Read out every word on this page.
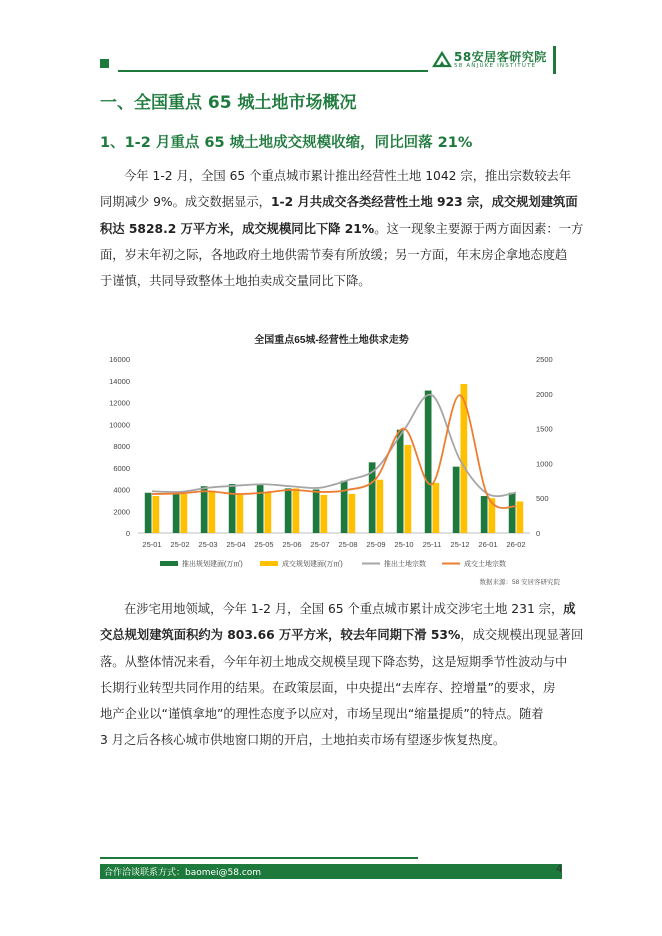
58安居客研究院
58 ANJUKE INSTITUTE
一、全国重点 65 城土地市场概况
1、1-2 月重点 65 城土地成交规模收缩，同比回落 21%
今年 1-2 月，全国 65 个重点城市累计推出经营性土地 1042 宗，推出宗数较去年
同期减少 9%。成交数据显示，1-2 月共成交各类经营性土地 923 宗，成交规划建筑面
积达 5828.2 万平方米，成交规模同比下降 21%。这一现象主要源于两方面因素：一方
面，岁末年初之际，各地政府土地供需节奏有所放缓；另一方面，年末房企拿地态度趋
于谨慎，共同导致整体土地拍卖成交量同比下降。
全国重点65城-经营性土地供求走势
0
2000
4000
6000
8000
10000
12000
14000
16000
0
500
1000
1500
2000
2500
25-01 25-02 25-03 25-04 25-05 25-06 25-07 25-08 25-09 25-10 25-11 25-12 26-01 26-02
推出规划建面(万㎡)	成交规划建面(万㎡)	推出土地宗数	成交土地宗数
数据来源：58 安居客研究院
在涉宅用地领域，今年 1-2 月，全国 65 个重点城市累计成交涉宅土地 231 宗，成
交总规划建筑面积约为 803.66 万平方米，较去年同期下滑 53%，成交规模出现显著回
落。从整体情况来看，今年年初土地成交规模呈现下降态势，这是短期季节性波动与中
长期行业转型共同作用的结果。在政策层面，中央提出“去库存、控增量”的要求，房
地产企业以“谨慎拿地”的理性态度予以应对，市场呈现出“缩量提质”的特点。随着
3 月之后各核心城市供地窗口期的开启，土地拍卖市场有望逐步恢复热度。
合作洽谈联系方式：baomei@58.com	4
